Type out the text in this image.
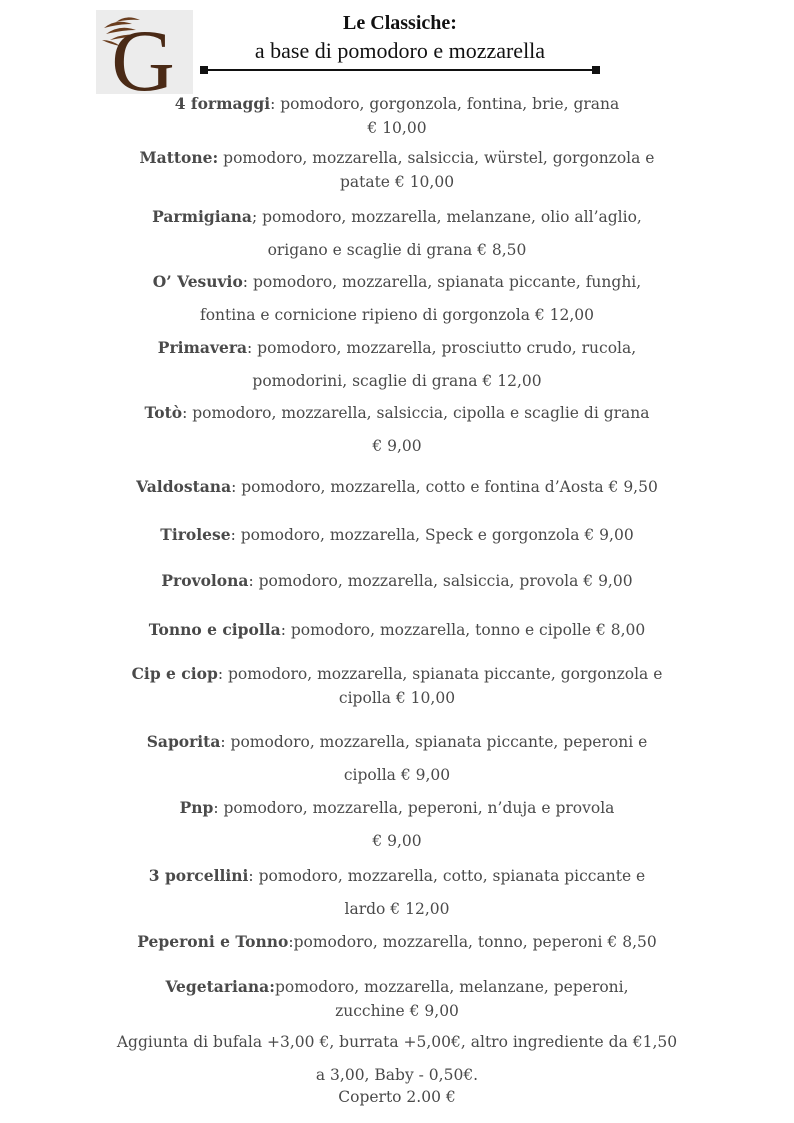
G	Le Classiche:
a base di pomodoro e mozzarella
4 formaggi: pomodoro, gorgonzola, fontina, brie, grana
€ 10,00
Mattone: pomodoro, mozzarella, salsiccia, würstel, gorgonzola e
patate € 10,00
Parmigiana; pomodoro, mozzarella, melanzane, olio all’aglio,
origano e scaglie di grana € 8,50
O’ Vesuvio: pomodoro, mozzarella, spianata piccante, funghi,
fontina e cornicione ripieno di gorgonzola € 12,00
Primavera: pomodoro, mozzarella, prosciutto crudo, rucola,
pomodorini, scaglie di grana € 12,00
Totò: pomodoro, mozzarella, salsiccia, cipolla e scaglie di grana
€ 9,00
Valdostana: pomodoro, mozzarella, cotto e fontina d’Aosta € 9,50
Tirolese: pomodoro, mozzarella, Speck e gorgonzola € 9,00
Provolona: pomodoro, mozzarella, salsiccia, provola € 9,00
Tonno e cipolla: pomodoro, mozzarella, tonno e cipolle € 8,00
Cip e ciop: pomodoro, mozzarella, spianata piccante, gorgonzola e
cipolla € 10,00
Saporita: pomodoro, mozzarella, spianata piccante, peperoni e
cipolla € 9,00
Pnp: pomodoro, mozzarella, peperoni, n’duja e provola
€ 9,00
3 porcellini: pomodoro, mozzarella, cotto, spianata piccante e
lardo € 12,00
Peperoni e Tonno:pomodoro, mozzarella, tonno, peperoni € 8,50
Vegetariana:pomodoro, mozzarella, melanzane, peperoni,
zucchine € 9,00
Aggiunta di bufala +3,00 €, burrata +5,00€, altro ingrediente da €1,50
a 3,00, Baby - 0,50€.
Coperto 2.00 €
